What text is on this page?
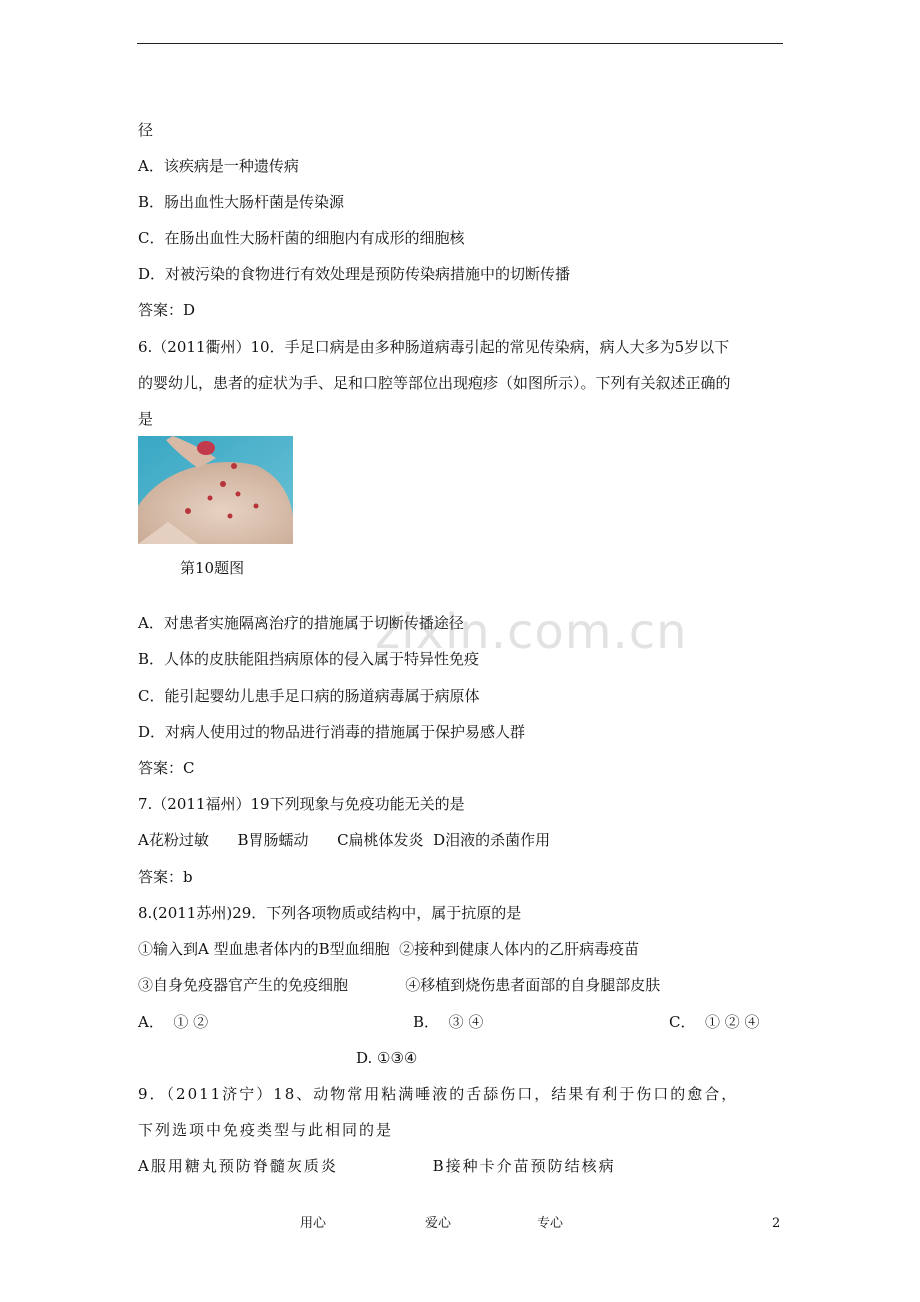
径
A．该疾病是一种遗传病
B．肠出血性大肠杆菌是传染源
C．在肠出血性大肠杆菌的细胞内有成形的细胞核
D．对被污染的食物进行有效处理是预防传染病措施中的切断传播
答案：D
6.（2011衢州）10．手足口病是由多种肠道病毒引起的常见传染病，病人大多为5岁以下
的婴幼儿，患者的症状为手、足和口腔等部位出现疱疹（如图所示）。下列有关叙述正确的
是
第10题图
zixin.com.cn
A．对患者实施隔离治疗的措施属于切断传播途径
B．人体的皮肤能阻挡病原体的侵入属于特异性免疫
C．能引起婴幼儿患手足口病的肠道病毒属于病原体
D．对病人使用过的物品进行消毒的措施属于保护易感人群
答案：C
7.（2011福州）19下列现象与免疫功能无关的是
A花粉过敏      B胃肠蠕动      C扁桃体发炎  D泪液的杀菌作用
答案：b
8.(2011苏州)29．下列各项物质或结构中，属于抗原的是
①输入到A 型血患者体内的B型血细胞  ②接种到健康人体内的乙肝病毒疫苗
③自身免疫器官产生的免疫细胞            ④移植到烧伤患者面部的自身腿部皮肤
A．  ① ②	B．  ③ ④	C．  ① ② ④
D. ①③④
9．（2011济宁）18、动物常用粘满唾液的舌舔伤口，结果有利于伤口的愈合，
下列选项中免疫类型与此相同的是
A服用糖丸预防脊髓灰质炎              B接种卡介苗预防结核病
用心	爱心	专心	2
